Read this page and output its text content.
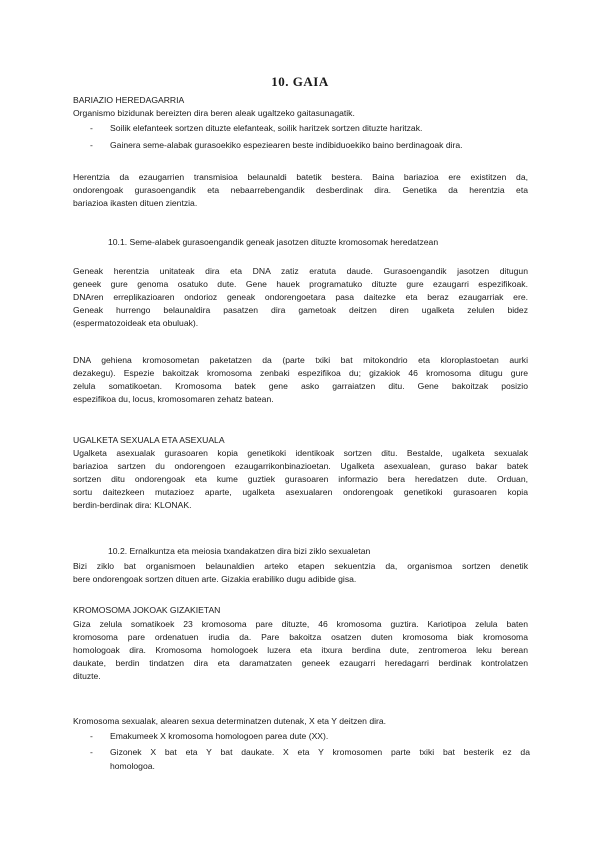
10. GAIA
BARIAZIO HEREDAGARRIA
Organismo bizidunak bereizten dira beren aleak ugaltzeko gaitasunagatik.
- Soilik elefanteek sortzen dituzte elefanteak, soilik haritzek sortzen dituzte haritzak.
- Gainera seme-alabak gurasoekiko espeziearen beste indibiduoekiko baino berdinagoak dira.
Herentzia da ezaugarrien transmisioa belaunaldi batetik bestera. Baina bariazioa ere existitzen da,
ondorengoak gurasoengandik eta nebaarrebengandik desberdinak dira. Genetika da herentzia eta
bariazioa ikasten dituen zientzia.
10.1. Seme-alabek gurasoengandik geneak jasotzen dituzte kromosomak heredatzean
Geneak herentzia unitateak dira eta DNA zatiz eratuta daude. Gurasoengandik jasotzen ditugun
geneek gure genoma osatuko dute. Gene hauek programatuko dituzte gure ezaugarri espezifikoak.
DNAren erreplikazioaren ondorioz geneak ondorengoetara pasa daitezke eta beraz ezaugarriak ere.
Geneak hurrengo belaunaldira pasatzen dira gametoak deitzen diren ugalketa zelulen bidez
(espermatozoideak eta obuluak).
DNA gehiena kromosometan paketatzen da (parte txiki bat mitokondrio eta kloroplastoetan aurki
dezakegu). Espezie bakoitzak kromosoma zenbaki espezifikoa du; gizakiok 46 kromosoma ditugu gure
zelula somatikoetan. Kromosoma batek gene asko garraiatzen ditu. Gene bakoitzak posizio
espezifikoa du, locus, kromosomaren zehatz batean.
UGALKETA SEXUALA ETA ASEXUALA
Ugalketa asexualak gurasoaren kopia genetikoki identikoak sortzen ditu. Bestalde, ugalketa sexualak
bariazioa sartzen du ondorengoen ezaugarrikonbinazioetan. Ugalketa asexualean, guraso bakar batek
sortzen ditu ondorengoak eta kume guztiek gurasoaren informazio bera heredatzen dute. Orduan,
sortu daitezkeen mutazioez aparte, ugalketa asexualaren ondorengoak genetikoki gurasoaren kopia
berdin-berdinak dira: KLONAK.
10.2. Ernalkuntza eta meiosia txandakatzen dira bizi ziklo sexualetan
Bizi ziklo bat organismoen belaunaldien arteko etapen sekuentzia da, organismoa sortzen denetik
bere ondorengoak sortzen dituen arte. Gizakia erabiliko dugu adibide gisa.
KROMOSOMA JOKOAK GIZAKIETAN
Giza zelula somatikoek 23 kromosoma pare dituzte, 46 kromosoma guztira. Kariotipoa zelula baten
kromosoma pare ordenatuen irudia da. Pare bakoitza osatzen duten kromosoma biak kromosoma
homologoak dira. Kromosoma homologoek luzera eta itxura berdina dute, zentromeroa leku berean
daukate, berdin tindatzen dira eta daramatzaten geneek ezaugarri heredagarri berdinak kontrolatzen
dituzte.
Kromosoma sexualak, alearen sexua determinatzen dutenak, X eta Y deitzen dira.
- Emakumeek X kromosoma homologoen parea dute (XX).
- Gizonek X bat eta Y bat daukate. X eta Y kromosomen parte txiki bat besterik ez da
homologoa.
